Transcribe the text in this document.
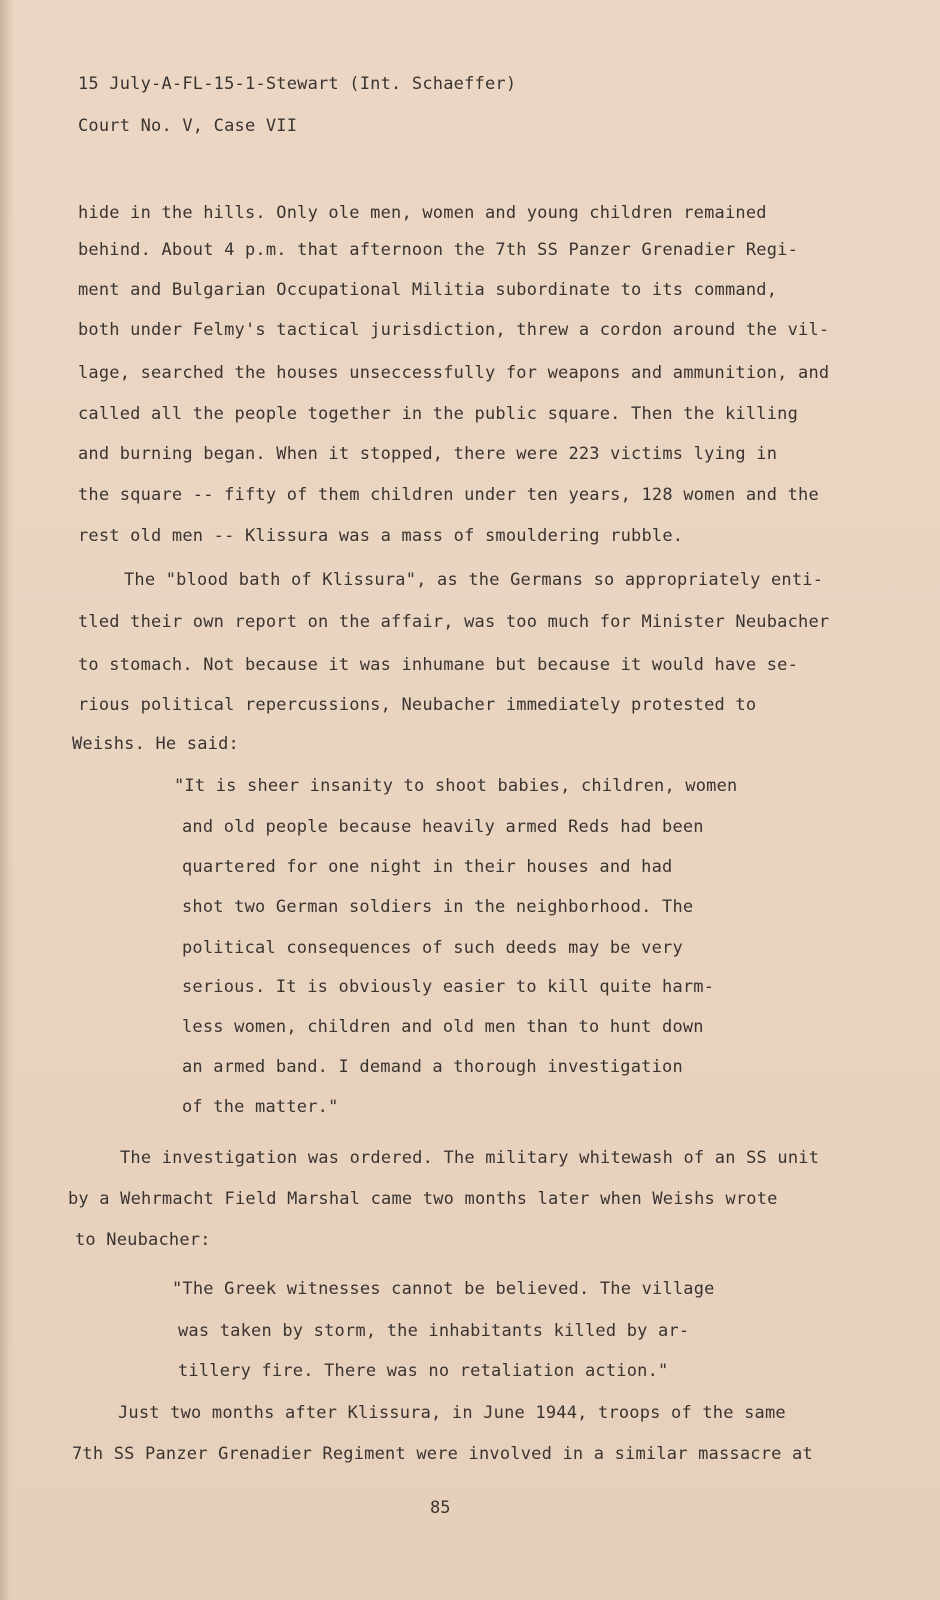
15 July-A-FL-15-1-Stewart (Int. Schaeffer)
Court No. V, Case VII
hide in the hills. Only ole men, women and young children remained
behind. About 4 p.m. that afternoon the 7th SS Panzer Grenadier Regi-
ment and Bulgarian Occupational Militia subordinate to its command,
both under Felmy's tactical jurisdiction, threw a cordon around the vil-
lage, searched the houses unseccessfully for weapons and ammunition, and
called all the people together in the public square. Then the killing
and burning began. When it stopped, there were 223 victims lying in
the square -- fifty of them children under ten years, 128 women and the
rest old men -- Klissura was a mass of smouldering rubble.
The "blood bath of Klissura", as the Germans so appropriately enti-
tled their own report on the affair, was too much for Minister Neubacher
to stomach. Not because it was inhumane but because it would have se-
rious political repercussions, Neubacher immediately protested to
Weishs. He said:
"It is sheer insanity to shoot babies, children, women
and old people because heavily armed Reds had been
quartered for one night in their houses and had
shot two German soldiers in the neighborhood. The
political consequences of such deeds may be very
serious. It is obviously easier to kill quite harm-
less women, children and old men than to hunt down
an armed band. I demand a thorough investigation
of the matter."
The investigation was ordered. The military whitewash of an SS unit
by a Wehrmacht Field Marshal came two months later when Weishs wrote
to Neubacher:
"The Greek witnesses cannot be believed. The village
was taken by storm, the inhabitants killed by ar-
tillery fire. There was no retaliation action."
Just two months after Klissura, in June 1944, troops of the same
7th SS Panzer Grenadier Regiment were involved in a similar massacre at
85
